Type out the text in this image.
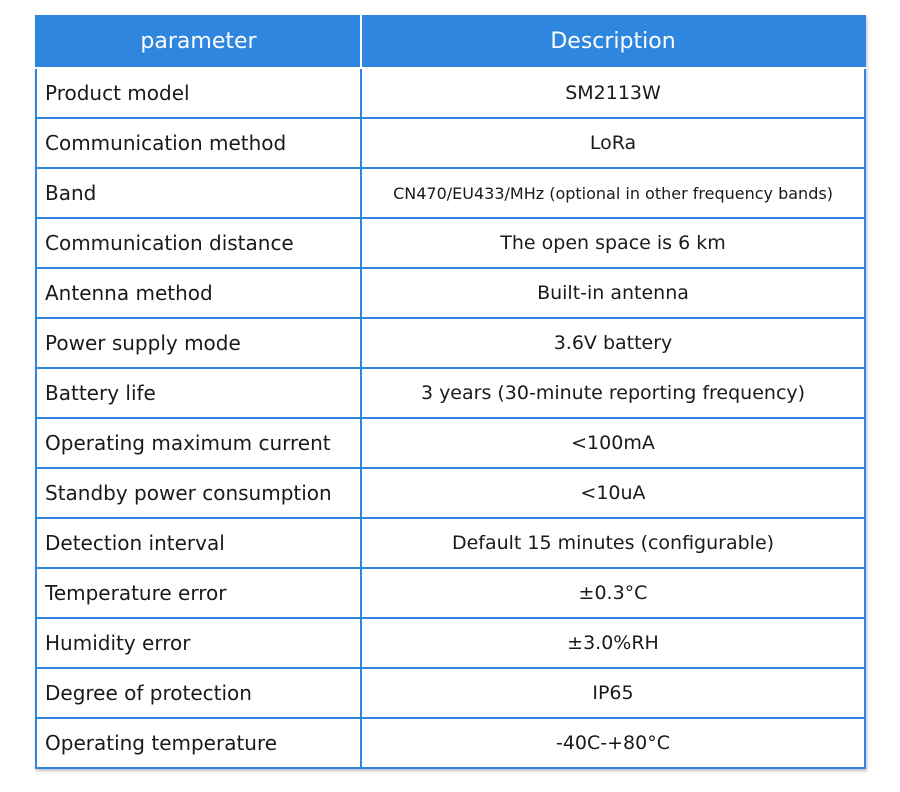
parameter	Description
Product model	SM2113W
Communication method	LoRa
Band	CN470/EU433/MHz (optional in other frequency bands)
Communication distance	The open space is 6 km
Antenna method	Built-in antenna
Power supply mode	3.6V battery
Battery life	3 years (30-minute reporting frequency)
Operating maximum current	<100mA
Standby power consumption	<10uA
Detection interval	Default 15 minutes (configurable)
Temperature error	±0.3°C
Humidity error	±3.0%RH
Degree of protection	IP65
Operating temperature	-40C-+80°C
